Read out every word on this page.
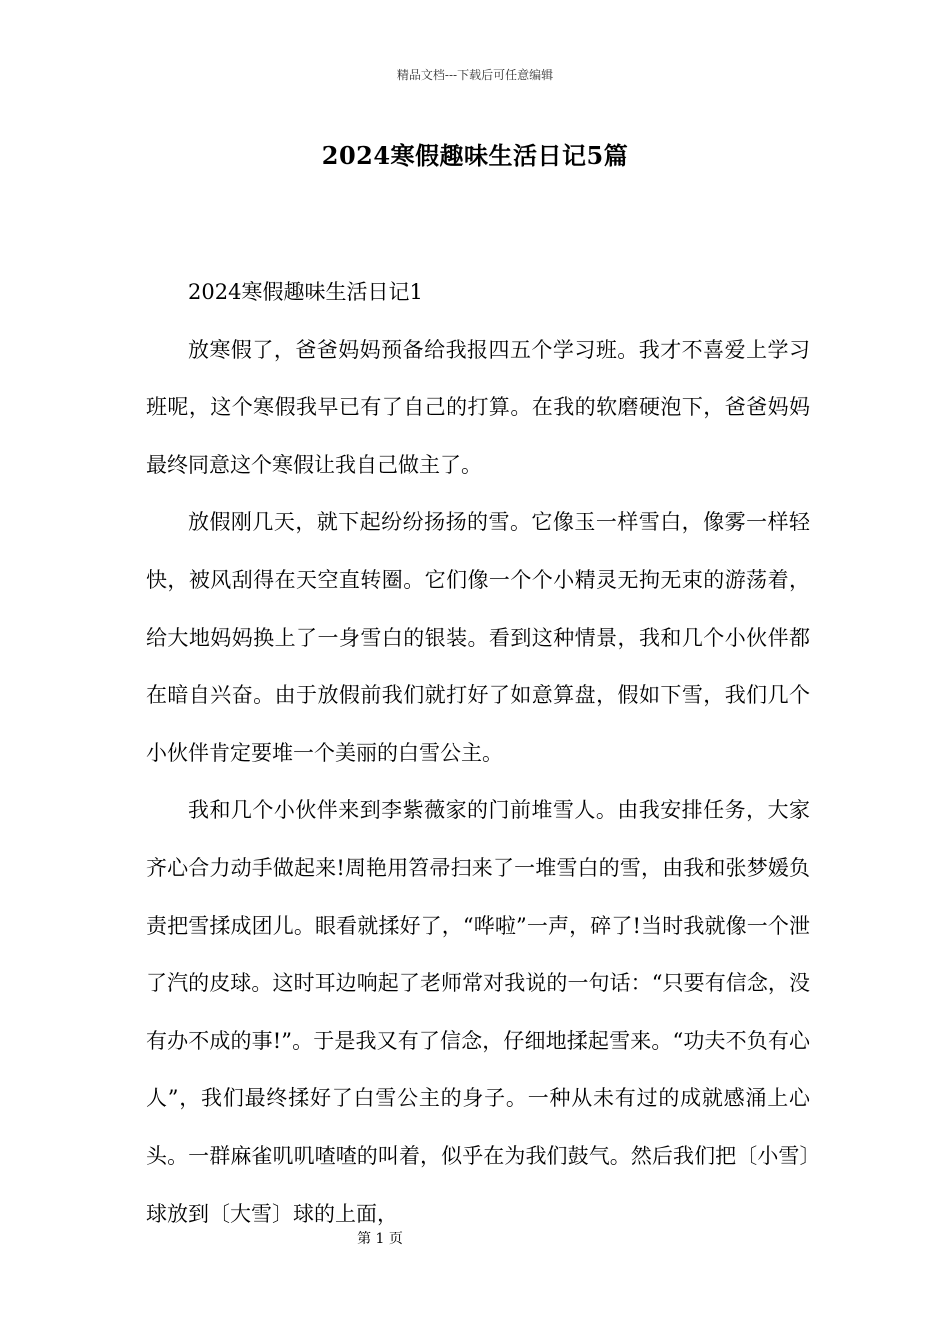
精品文档---下载后可任意编辑
2024寒假趣味生活日记5篇

2024寒假趣味生活日记1

放寒假了，爸爸妈妈预备给我报四五个学习班。我才不喜爱上学习班呢，这个寒假我早已有了自己的打算。在我的软磨硬泡下，爸爸妈妈最终同意这个寒假让我自己做主了。

放假刚几天，就下起纷纷扬扬的雪。它像玉一样雪白，像雾一样轻快，被风刮得在天空直转圈。它们像一个个小精灵无拘无束的游荡着，给大地妈妈换上了一身雪白的银装。看到这种情景，我和几个小伙伴都在暗自兴奋。由于放假前我们就打好了如意算盘，假如下雪，我们几个小伙伴肯定要堆一个美丽的白雪公主。

我和几个小伙伴来到李紫薇家的门前堆雪人。由我安排任务，大家齐心合力动手做起来!周艳用笤帚扫来了一堆雪白的雪，由我和张梦媛负责把雪揉成团儿。眼看就揉好了，“哗啦”一声，碎了!当时我就像一个泄了汽的皮球。这时耳边响起了老师常对我说的一句话：“只要有信念，没有办不成的事!”。于是我又有了信念，仔细地揉起雪来。“功夫不负有心人”，我们最终揉好了白雪公主的身子。一种从未有过的成就感涌上心头。一群麻雀叽叽喳喳的叫着，似乎在为我们鼓气。然后我们把〔小雪〕球放到〔大雪〕球的上面，

第 1 页
